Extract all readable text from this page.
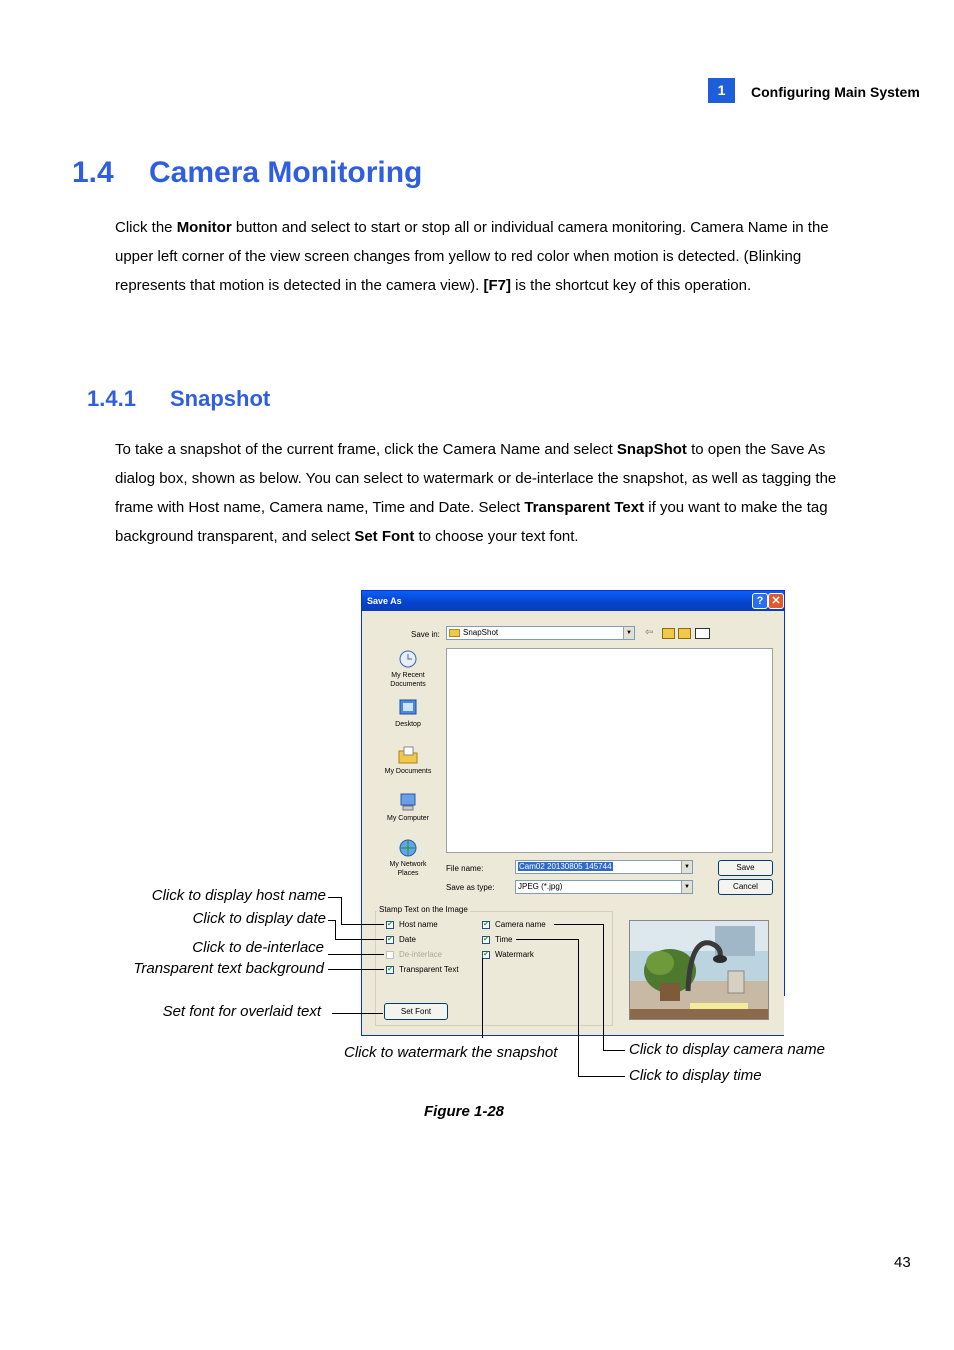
1	Configuring Main System
1.4 Camera Monitoring

Click the Monitor button and select to start or stop all or individual camera monitoring. Camera Name in the upper left corner of the view screen changes from yellow to red color when motion is detected. (Blinking represents that motion is detected in the camera view). [F7] is the shortcut key of this operation.

1.4.1 Snapshot

To take a snapshot of the current frame, click the Camera Name and select SnapShot to open the Save As dialog box, shown as below. You can select to watermark or de-interlace the snapshot, as well as tagging the frame with Host name, Camera name, Time and Date. Select Transparent Text if you want to make the tag background transparent, and select Set Font to choose your text font.

Save As	? ✕
Save in:	SnapShot	▼ ⇦
My Recent Documents
Desktop
My Documents
My Computer
My Network Places
File name:	Cam02 20130805 145744	▼
Save as type:	JPEG (*.jpg)	▼
Save
Cancel
Stamp Text on the Image
✔ Host name
✔ Date
De-interlace
✔ Transparent Text
✔ Camera name
✔ Time
✔ Watermark
Set Font
Click to display host name
Click to display date
Click to de-interlace
Transparent text background
Set font for overlaid text
Click to watermark the snapshot	Click to display camera name
Click to display time
Figure 1-28
43
